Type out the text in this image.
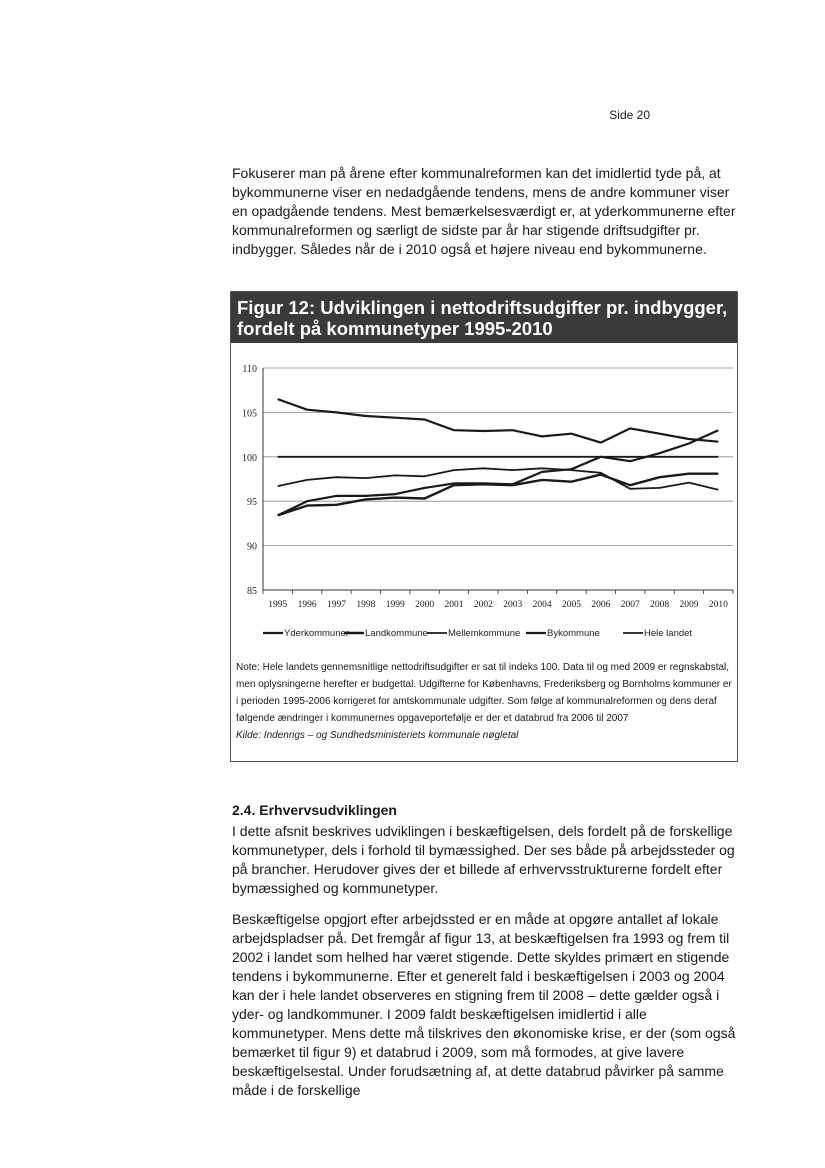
Side 20

Fokuserer man på årene efter kommunalreformen kan det imidlertid tyde på, at bykommunerne viser en nedadgående tendens, mens de andre kommuner viser en opadgående tendens. Mest bemærkelsesværdigt er, at yderkommunerne efter kommunalreformen og særligt de sidste par år har stigende driftsudgifter pr. indbygger. Således når de i 2010 også et højere niveau end bykommunerne.

Figur 12: Udviklingen i nettodriftsudgifter pr. indbygger, fordelt på kommunetyper 1995-2010
85
90
95
100
105
110
1995 1996 1997 1998 1999 2000 2001 2002 2003 2004 2005 2006 2007 2008 2009 2010
Yderkommuner Landkommune Mellemkommune	Bykommune	Hele landet
Note: Hele landets gennemsnitlige nettodriftsudgifter er sat til indeks 100. Data til og med 2009 er regnskabstal, men oplysningerne herefter er budgettal. Udgifterne for Københavns, Frederiksberg og Bornholms kommuner er i perioden 1995-2006 korrigeret for amtskommunale udgifter. Som følge af kommunalreformen og dens deraf følgende ændringer i kommunernes opgaveportefølje er der et databrud fra 2006 til 2007
Kilde: Indenrigs – og Sundhedsministeriets kommunale nøgletal
2.4. Erhvervsudviklingen

I dette afsnit beskrives udviklingen i beskæftigelsen, dels fordelt på de forskellige kommunetyper, dels i forhold til bymæssighed. Der ses både på arbejdssteder og på brancher. Herudover gives der et billede af erhvervsstrukturerne fordelt efter bymæssighed og kommunetyper.

Beskæftigelse opgjort efter arbejdssted er en måde at opgøre antallet af lokale arbejdspladser på. Det fremgår af figur 13, at beskæftigelsen fra 1993 og frem til 2002 i landet som helhed har været stigende. Dette skyldes primært en stigende tendens i bykommunerne. Efter et generelt fald i beskæftigelsen i 2003 og 2004 kan der i hele landet observeres en stigning frem til 2008 – dette gælder også i yder- og landkommuner. I 2009 faldt beskæftigelsen imidlertid i alle kommunetyper. Mens dette må tilskrives den økonomiske krise, er der (som også bemærket til figur 9) et databrud i 2009, som må formodes, at give lavere beskæftigelsestal. Under forudsætning af, at dette databrud påvirker på samme måde i de forskellige
